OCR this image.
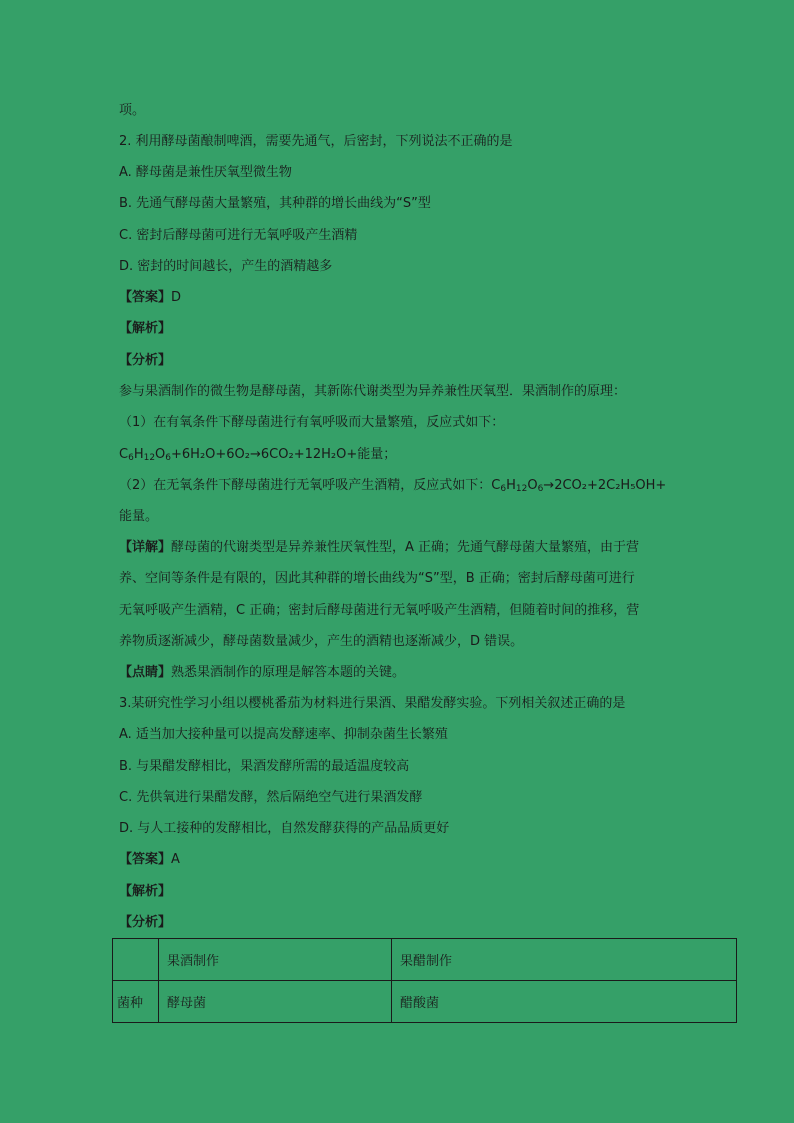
项。
2. 利用酵母菌酿制啤酒，需要先通气，后密封，下列说法不正确的是
A. 酵母菌是兼性厌氧型微生物
B. 先通气酵母菌大量繁殖，其种群的增长曲线为“S”型
C. 密封后酵母菌可进行无氧呼吸产生酒精
D. 密封的时间越长，产生的酒精越多
【答案】D
【解析】
【分析】
参与果酒制作的微生物是酵母菌，其新陈代谢类型为异养兼性厌氧型．果酒制作的原理：
（1）在有氧条件下酵母菌进行有氧呼吸而大量繁殖，反应式如下：
$C_6H_{12}O_6+6H_2O+6O_2\to 6CO_2+12H_2O+$能量；
（2）在无氧条件下酵母菌进行无氧呼吸产生酒精，反应式如下：$C_6H_{12}O_6\to 2CO_2+2C_2H_5OH+$
能量。
【详解】酵母菌的代谢类型是异养兼性厌氧性型，A 正确；先通气酵母菌大量繁殖，由于营
养、空间等条件是有限的，因此其种群的增长曲线为“S”型，B 正确；密封后酵母菌可进行
无氧呼吸产生酒精，C 正确；密封后酵母菌进行无氧呼吸产生酒精，但随着时间的推移，营
养物质逐渐减少，酵母菌数量减少，产生的酒精也逐渐减少，D 错误。
【点睛】熟悉果酒制作的原理是解答本题的关键。
3.某研究性学习小组以樱桃番茄为材料进行果酒、果醋发酵实验。下列相关叙述正确的是
A. 适当加大接种量可以提高发酵速率、抑制杂菌生长繁殖
B. 与果醋发酵相比，果酒发酵所需的最适温度较高
C. 先供氧进行果醋发酵，然后隔绝空气进行果酒发酵
D. 与人工接种的发酵相比，自然发酵获得的产品品质更好
【答案】A
【解析】
【分析】
	果酒制作	果醋制作
菌种	酵母菌	醋酸菌
